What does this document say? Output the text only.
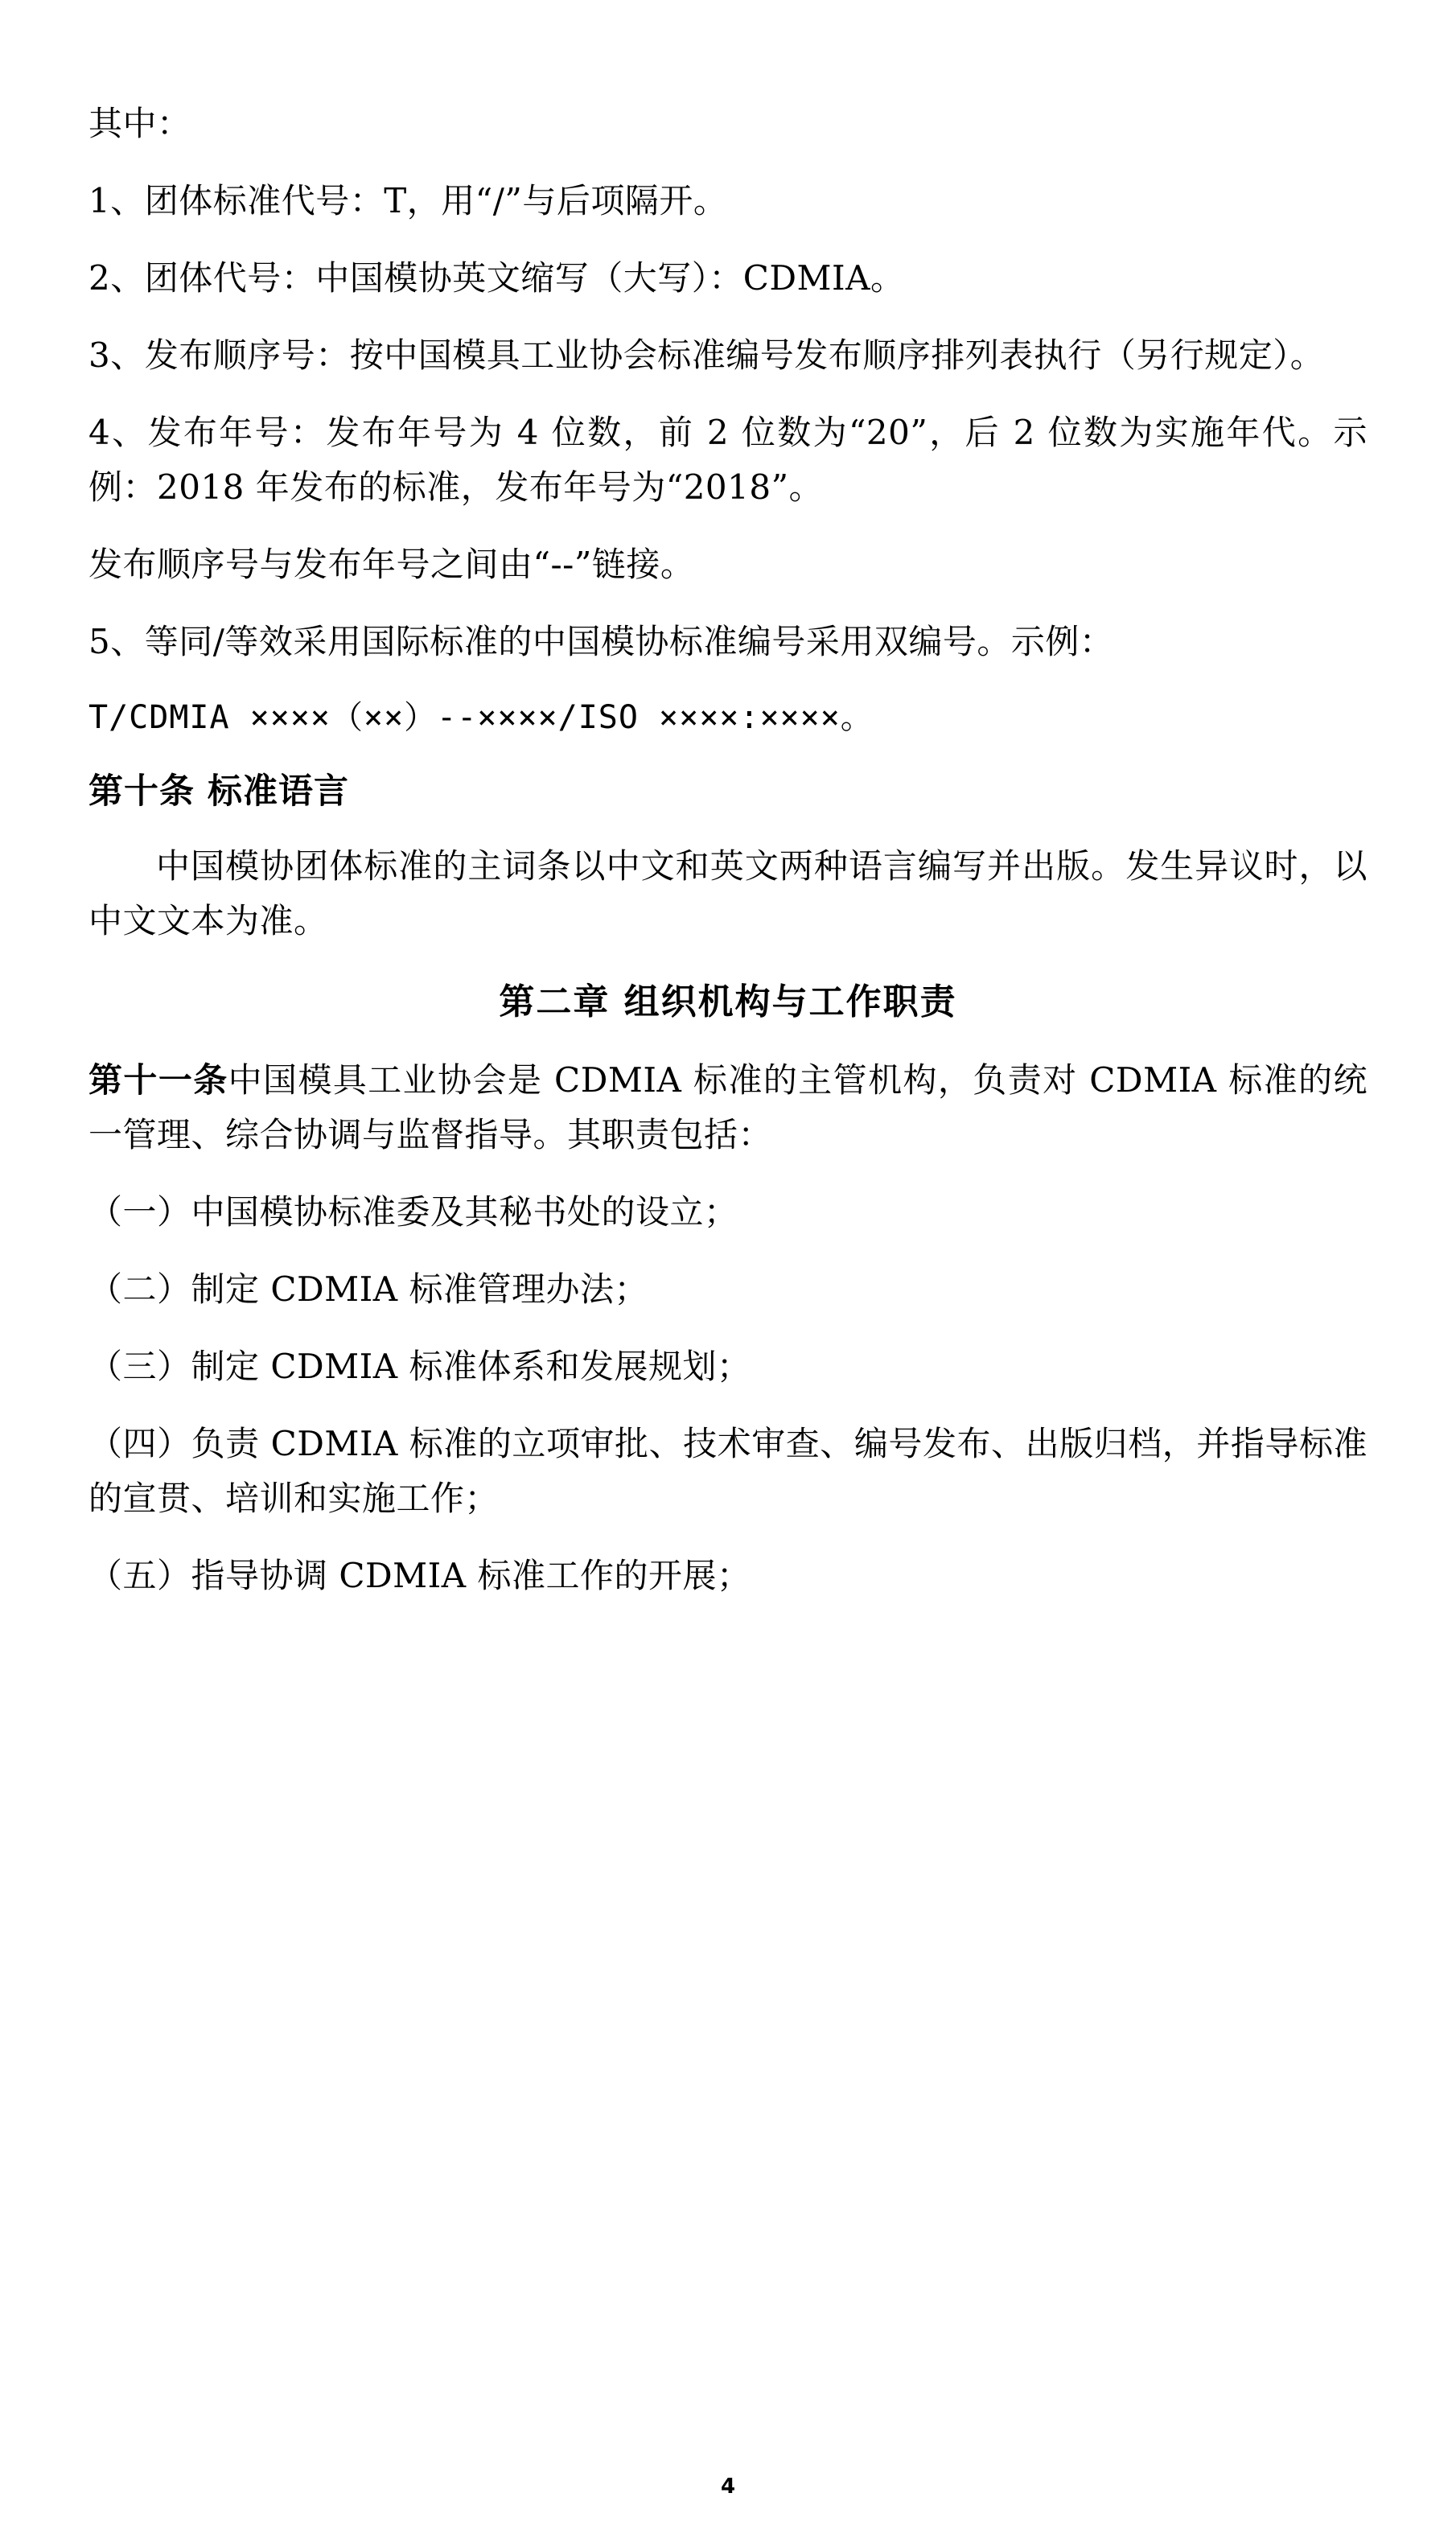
其中：

1、团体标准代号：T，用“/”与后项隔开。

2、团体代号：中国模协英文缩写（大写）：CDMIA。

3、发布顺序号：按中国模具工业协会标准编号发布顺序排列表执行（另行规定）。

4、发布年号：发布年号为 4 位数，前 2 位数为“20”，后 2 位数为实施年代。示例：2018 年发布的标准，发布年号为“2018”。

发布顺序号与发布年号之间由“--”链接。

5、等同/等效采用国际标准的中国模协标准编号采用双编号。示例：

T/CDMIA ××××（××）--××××/ISO ××××:××××。

第十条 标准语言

中国模协团体标准的主词条以中文和英文两种语言编写并出版。发生异议时，以中文文本为准。

第二章 组织机构与工作职责

第十一条中国模具工业协会是 CDMIA 标准的主管机构，负责对 CDMIA 标准的统一管理、综合协调与监督指导。其职责包括：

（一）中国模协标准委及其秘书处的设立；

（二）制定 CDMIA 标准管理办法；

（三）制定 CDMIA 标准体系和发展规划；

（四）负责 CDMIA 标准的立项审批、技术审查、编号发布、出版归档，并指导标准的宣贯、培训和实施工作；

（五）指导协调 CDMIA 标准工作的开展；

4
